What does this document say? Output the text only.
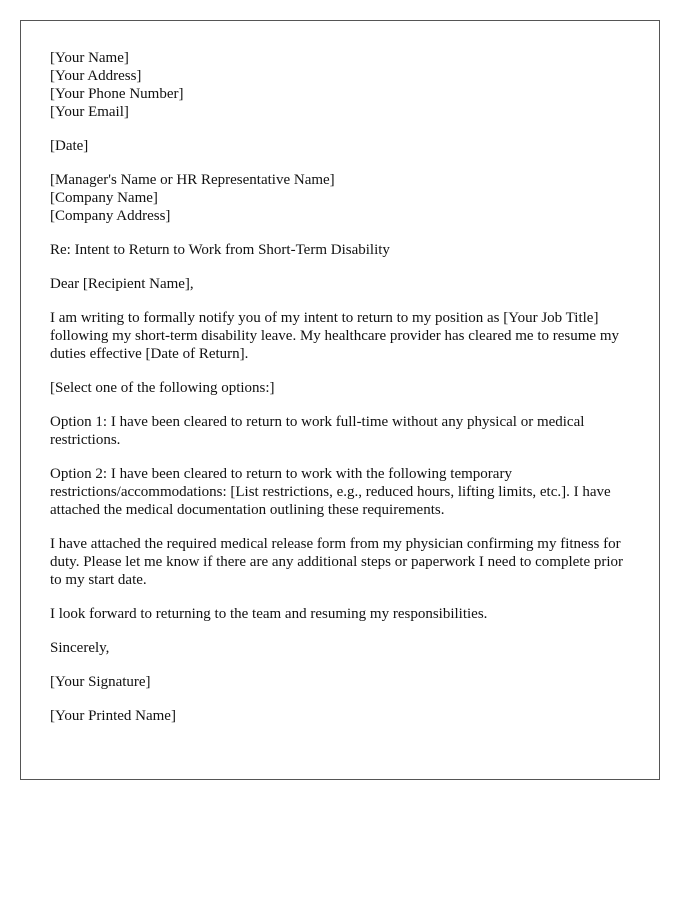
[Your Name]

[Your Address]

[Your Phone Number]

[Your Email]

[Date]

[Manager's Name or HR Representative Name]

[Company Name]

[Company Address]

Re: Intent to Return to Work from Short-Term Disability

Dear [Recipient Name],

I am writing to formally notify you of my intent to return to my position as [Your Job Title] following my short-term disability leave. My healthcare provider has cleared me to resume my duties effective [Date of Return].

[Select one of the following options:]

Option 1: I have been cleared to return to work full-time without any physical or medical restrictions.

Option 2: I have been cleared to return to work with the following temporary restrictions/accommodations: [List restrictions, e.g., reduced hours, lifting limits, etc.]. I have attached the medical documentation outlining these requirements.

I have attached the required medical release form from my physician confirming my fitness for duty. Please let me know if there are any additional steps or paperwork I need to complete prior to my start date.

I look forward to returning to the team and resuming my responsibilities.

Sincerely,

[Your Signature]

[Your Printed Name]
